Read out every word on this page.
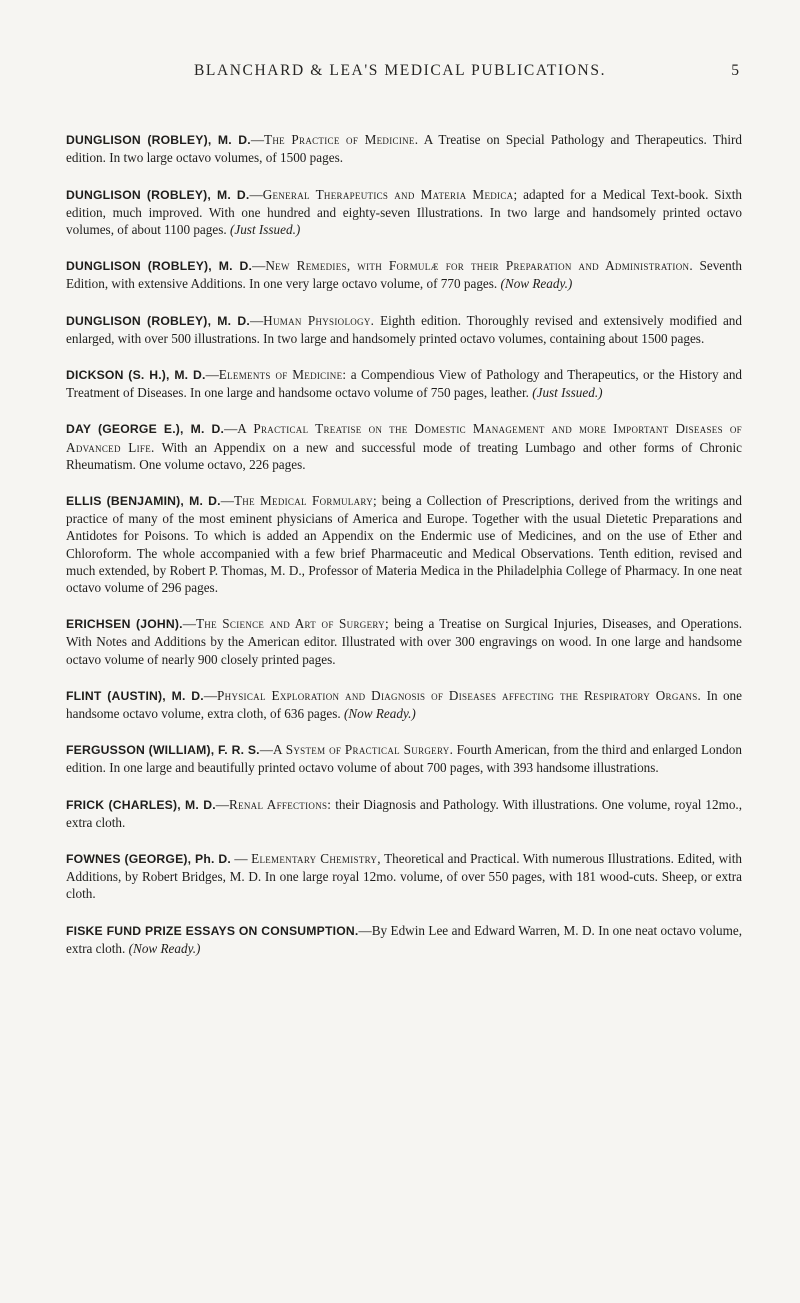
BLANCHARD & LEA'S MEDICAL PUBLICATIONS.	5

DUNGLISON (ROBLEY), M. D.—The Practice of Medicine. A Treatise on Special Pathology and Therapeutics. Third edition. In two large octavo volumes, of 1500 pages.

DUNGLISON (ROBLEY), M. D.—General Therapeutics and Materia Medica; adapted for a Medical Text-book. Sixth edition, much improved. With one hundred and eighty-seven Illustrations. In two large and handsomely printed octavo volumes, of about 1100 pages. (Just Issued.)

DUNGLISON (ROBLEY), M. D.—New Remedies, with Formulæ for their Preparation and Administration. Seventh Edition, with extensive Additions. In one very large octavo volume, of 770 pages. (Now Ready.)

DUNGLISON (ROBLEY), M. D.—Human Physiology. Eighth edition. Thoroughly revised and extensively modified and enlarged, with over 500 illustrations. In two large and handsomely printed octavo volumes, containing about 1500 pages.

DICKSON (S. H.), M. D.—Elements of Medicine: a Compendious View of Pathology and Therapeutics, or the History and Treatment of Diseases. In one large and handsome octavo volume of 750 pages, leather. (Just Issued.)

DAY (GEORGE E.), M. D.—A Practical Treatise on the Domestic Management and more Important Diseases of Advanced Life. With an Appendix on a new and successful mode of treating Lumbago and other forms of Chronic Rheumatism. One volume octavo, 226 pages.

ELLIS (BENJAMIN), M. D.—The Medical Formulary; being a Collection of Prescriptions, derived from the writings and practice of many of the most eminent physicians of America and Europe. Together with the usual Dietetic Preparations and Antidotes for Poisons. To which is added an Appendix on the Endermic use of Medicines, and on the use of Ether and Chloroform. The whole accompanied with a few brief Pharmaceutic and Medical Observations. Tenth edition, revised and much extended, by Robert P. Thomas, M. D., Professor of Materia Medica in the Philadelphia College of Pharmacy. In one neat octavo volume of 296 pages.

ERICHSEN (JOHN).—The Science and Art of Surgery; being a Treatise on Surgical Injuries, Diseases, and Operations. With Notes and Additions by the American editor. Illustrated with over 300 engravings on wood. In one large and handsome octavo volume of nearly 900 closely printed pages.

FLINT (AUSTIN), M. D.—Physical Exploration and Diagnosis of Diseases affecting the Respiratory Organs. In one handsome octavo volume, extra cloth, of 636 pages. (Now Ready.)

FERGUSSON (WILLIAM), F. R. S.—A System of Practical Surgery. Fourth American, from the third and enlarged London edition. In one large and beautifully printed octavo volume of about 700 pages, with 393 handsome illustrations.

FRICK (CHARLES), M. D.—Renal Affections: their Diagnosis and Pathology. With illustrations. One volume, royal 12mo., extra cloth.

FOWNES (GEORGE), Ph. D. — Elementary Chemistry, Theoretical and Practical. With numerous Illustrations. Edited, with Additions, by Robert Bridges, M. D. In one large royal 12mo. volume, of over 550 pages, with 181 wood-cuts. Sheep, or extra cloth.

FISKE FUND PRIZE ESSAYS ON CONSUMPTION.—By Edwin Lee and Edward Warren, M. D. In one neat octavo volume, extra cloth. (Now Ready.)
